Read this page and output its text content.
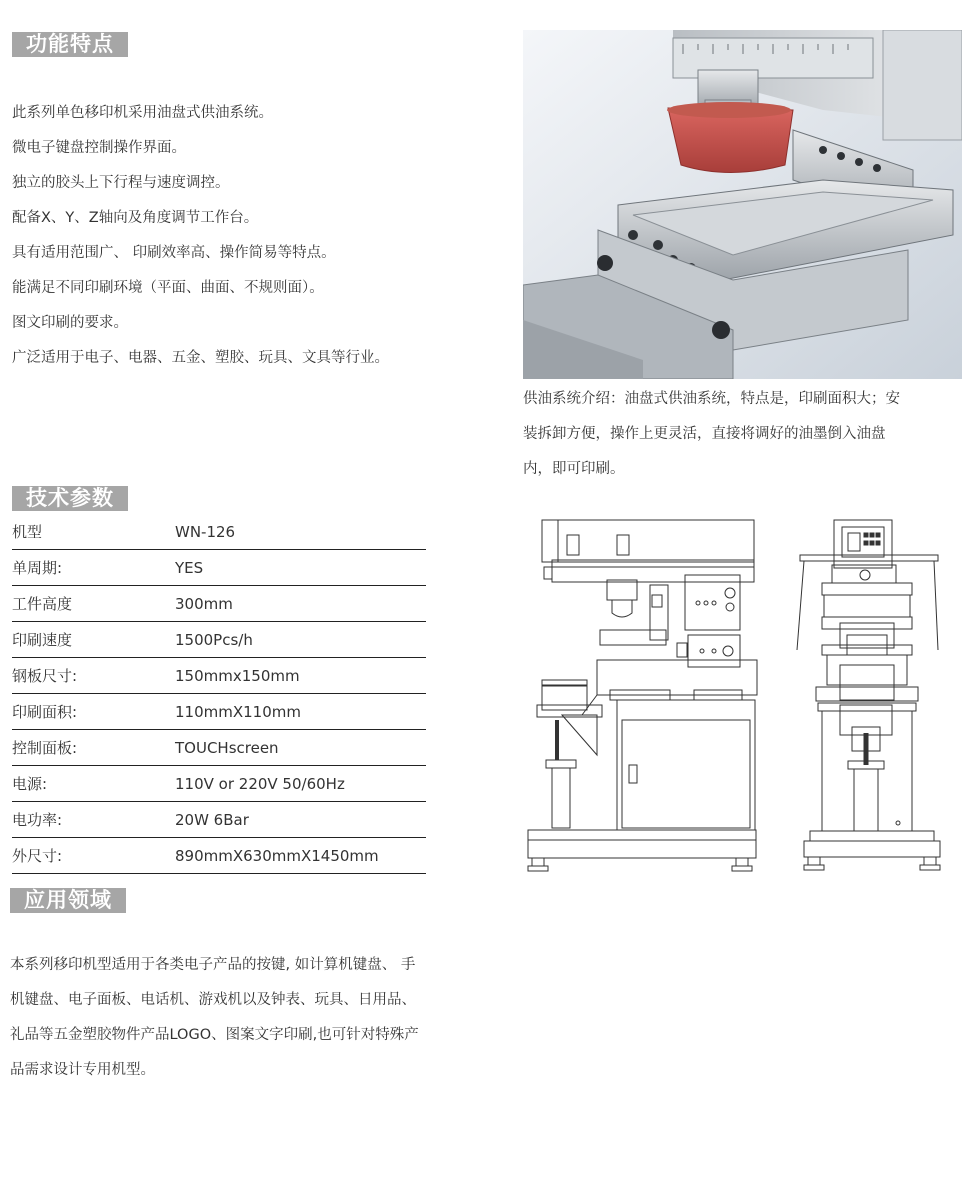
功能特点
此系列单色移印机采用油盘式供油系统。
微电子键盘控制操作界面。
独立的胶头上下行程与速度调控。
配备X、Y、Z轴向及角度调节工作台。
具有适用范围广、 印刷效率高、操作简易等特点。
能满足不同印刷环境（平面、曲面、不规则面）。
图文印刷的要求。
广泛适用于电子、电器、五金、塑胶、玩具、文具等行业。
供油系统介绍：油盘式供油系统，特点是，印刷面积大；安
装拆卸方便，操作上更灵活，直接将调好的油墨倒入油盘
内，即可印刷。
技术参数
机型	WN-126
单周期:	YES
工件高度	300mm
印刷速度	1500Pcs/h
钢板尺寸:	150mmx150mm
印刷面积:	110mmX110mm
控制面板:	TOUCHscreen
电源:	110V or 220V 50/60Hz
电功率:	20W 6Bar
外尺寸:	890mmX630mmX1450mm
应用领域
本系列移印机型适用于各类电子产品的按键, 如计算机键盘、 手
机键盘、电子面板、电话机、游戏机以及钟表、玩具、日用品、
礼品等五金塑胶物件产品LOGO、图案文字印刷,也可针对特殊产
品需求设计专用机型。
